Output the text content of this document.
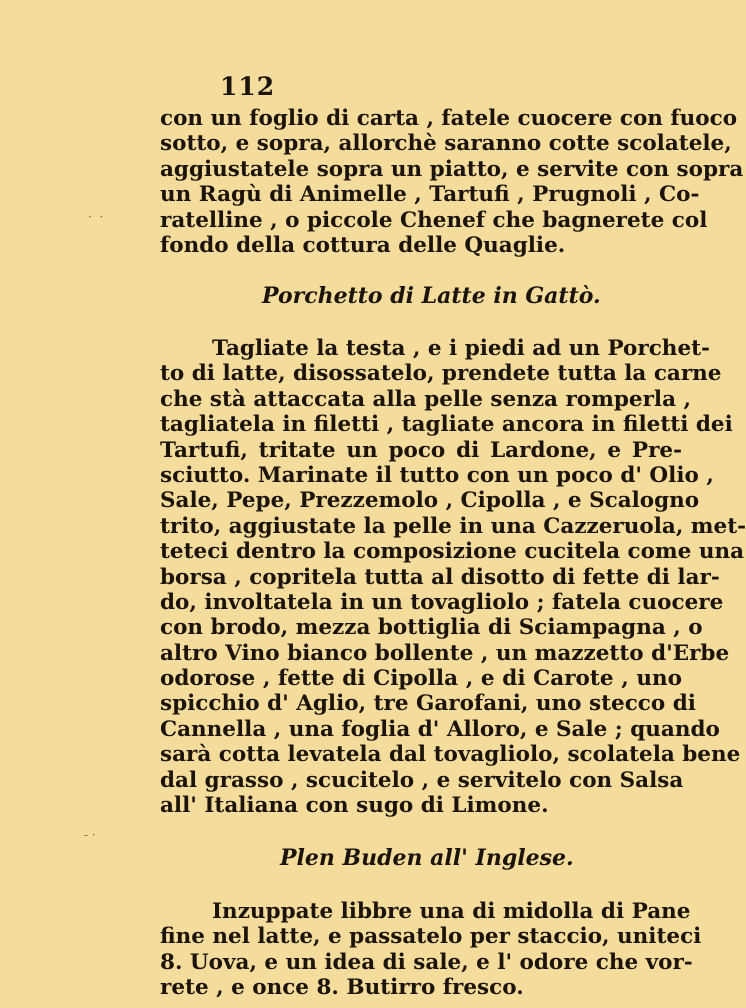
·  ·
- ·
112
con un foglio di carta , fatele cuocere con fuoco
sotto, e sopra, allorchè saranno cotte scolatele,
aggiustatele sopra un piatto, e servite con sopra
un Ragù di Animelle , Tartufi , Prugnoli , Co-
ratelline , o piccole Chenef che bagnerete col
fondo della cottura delle Quaglie.
Porchetto di Latte in Gattò.
Tagliate la testa , e i piedi ad un Porchet-
to di latte, disossatelo, prendete tutta la carne
che stà attaccata alla pelle senza romperla ,
tagliatela in filetti , tagliate ancora in filetti dei
Tartufi, tritate un poco di Lardone, e Pre-
sciutto. Marinate il tutto con un poco d' Olio ,
Sale, Pepe, Prezzemolo , Cipolla , e Scalogno
trito, aggiustate la pelle in una Cazzeruola, met-
teteci dentro la composizione cucitela come una
borsa , copritela tutta al disotto di fette di lar-
do, involtatela in un tovagliolo ; fatela cuocere
con brodo, mezza bottiglia di Sciampagna , o
altro Vino bianco bollente , un mazzetto d'Erbe
odorose , fette di Cipolla , e di Carote , uno
spicchio d' Aglio, tre Garofani, uno stecco di
Cannella , una foglia d' Alloro, e Sale ; quando
sarà cotta levatela dal tovagliolo, scolatela bene
dal grasso , scucitelo , e servitelo con Salsa
all' Italiana con sugo di Limone.
Plen Buden all' Inglese.
Inzuppate libbre una di midolla di Pane
fine nel latte, e passatelo per staccio, uniteci
8. Uova, e un idea di sale, e l' odore che vor-
rete , e once 8. Butirro fresco.
